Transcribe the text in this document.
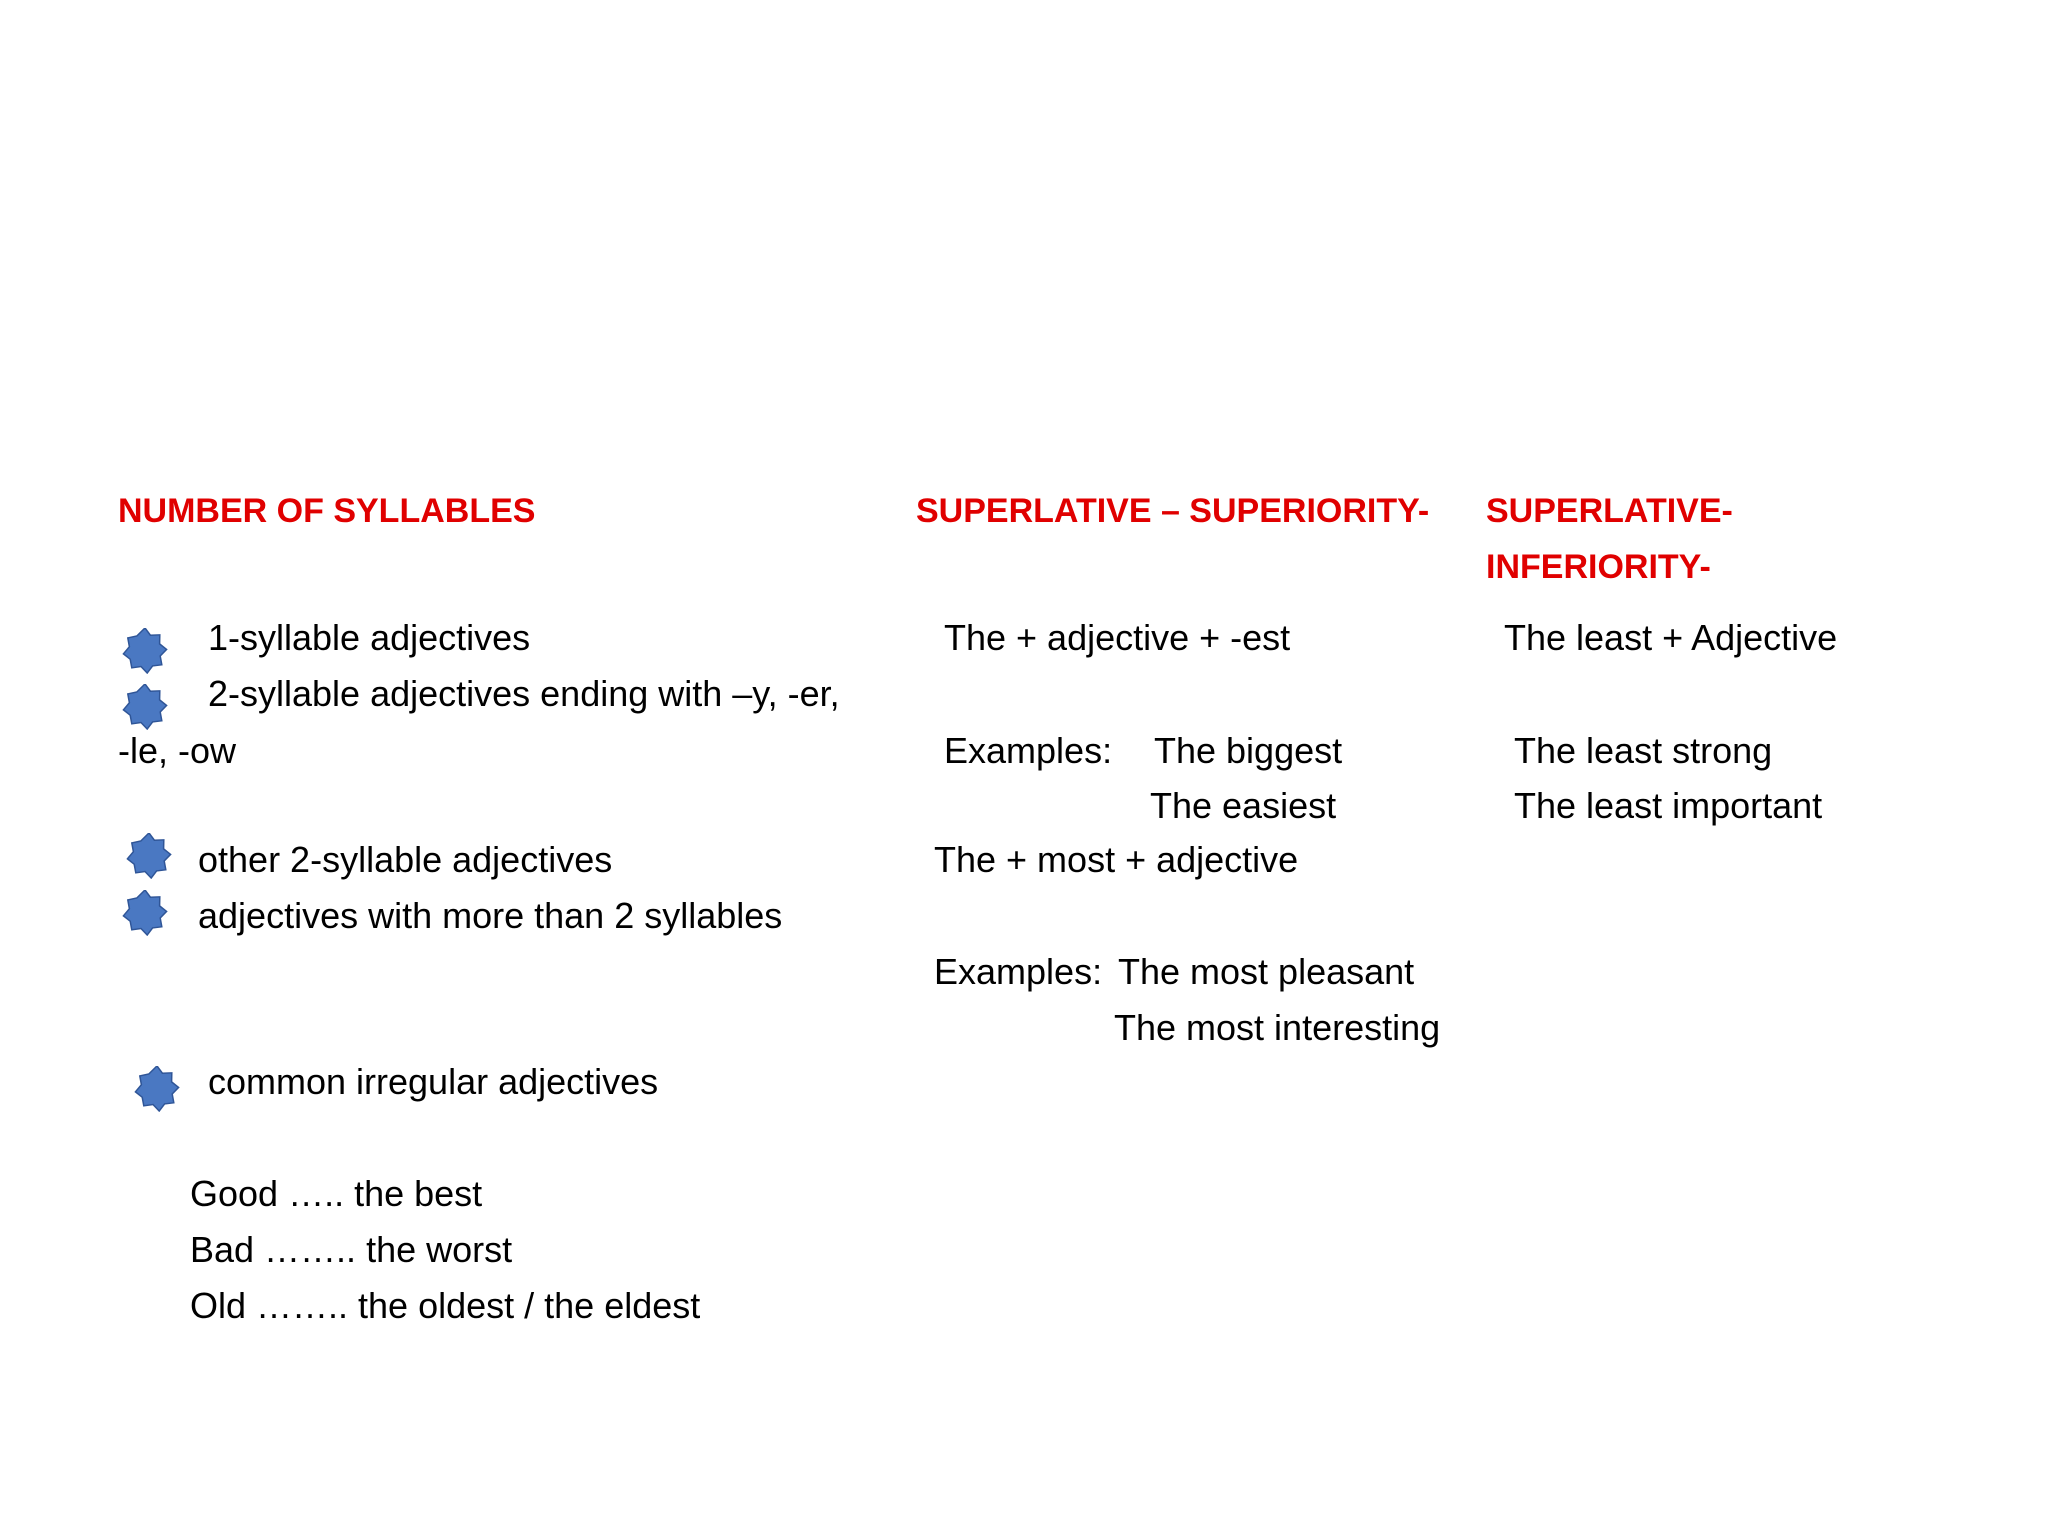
NUMBER OF SYLLABLES
1-syllable adjectives
2-syllable adjectives ending with –y, -er,
-le, -ow
other 2-syllable adjectives
adjectives with more than 2 syllables
common irregular adjectives
Good ….. the best
Bad …….. the worst
Old …….. the oldest / the eldest
SUPERLATIVE – SUPERIORITY-
The + adjective + -est
Examples: The biggest
The easiest
The + most + adjective
Examples: The most pleasant
The most interesting
SUPERLATIVE-
INFERIORITY-
The least + Adjective
The least strong
The least important
